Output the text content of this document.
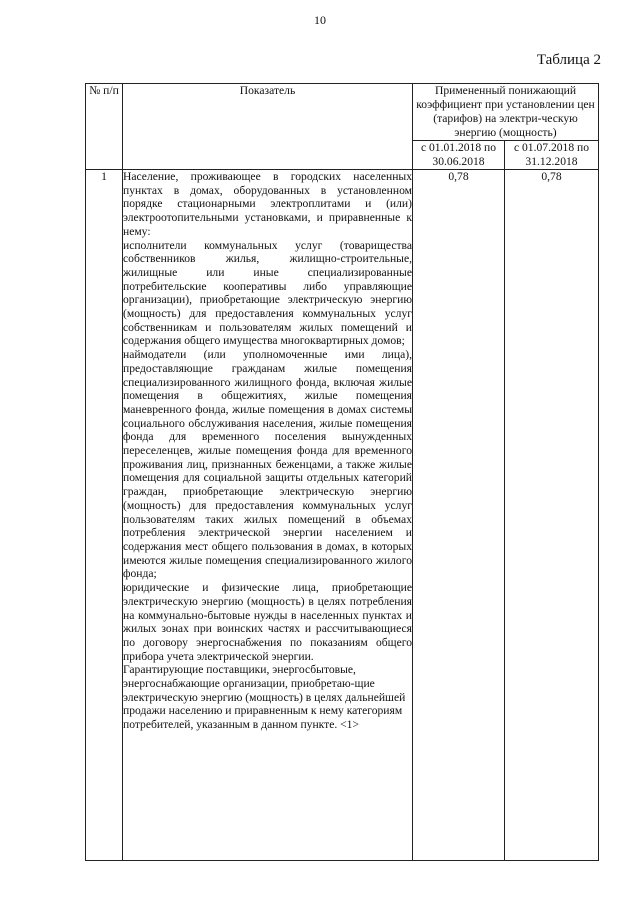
10
Таблица 2
№ п/п	Показатель	Примененный понижающий коэффициент при установлении цен (тарифов) на электри-ческую энергию (мощность)	
		с 01.01.2018 по 30.06.2018	с 01.07.2018 по 31.12.2018
1	Население, проживающее в городских населенных пунктах в домах, оборудованных в установленном порядке стационарными электроплитами и (или) электроотопительными установками, и приравненные к нему:

исполнители коммунальных услуг (товарищества собственников жилья, жилищно-строительные, жилищные или иные специализированные потребительские кооперативы либо управляющие организации), приобретающие электрическую энергию (мощность) для предоставления коммунальных услуг собственникам и пользователям жилых помещений и содержания общего имущества многоквартирных домов;

наймодатели (или уполномоченные ими лица), предоставляющие гражданам жилые помещения специализированного жилищного фонда, включая жилые помещения в общежитиях, жилые помещения маневренного фонда, жилые помещения в домах системы социального обслуживания населения, жилые помещения фонда для временного поселения вынужденных переселенцев, жилые помещения фонда для временного проживания лиц, признанных беженцами, а также жилые помещения для социальной защиты отдельных категорий граждан, приобретающие электрическую энергию (мощность) для предоставления коммунальных услуг пользователям таких жилых помещений в объемах потребления электрической энергии населением и содержания мест общего пользования в домах, в которых имеются жилые помещения специализированного жилого фонда;

юридические и физические лица, приобретающие электрическую энергию (мощность) в целях потребления на коммунально-бытовые нужды в населенных пунктах и жилых зонах при воинских частях и рассчитывающиеся по договору энергоснабжения по показаниям общего прибора учета электрической энергии.

Гарантирующие поставщики, энергосбытовые, энергоснабжающие организации, приобретаю-щие электрическую энергию (мощность) в целях дальнейшей продажи населению и приравненным к нему категориям потребителей, указанным в данном пункте. <1>	0,78	0,78
